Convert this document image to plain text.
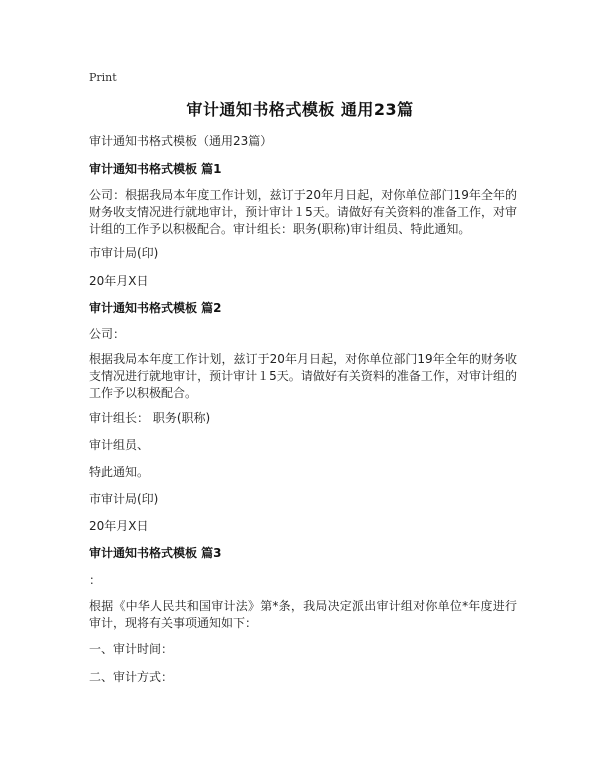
Print
审计通知书格式模板 通用23篇
审计通知书格式模板（通用23篇）
审计通知书格式模板 篇1
公司：根据我局本年度工作计划，兹订于20年月日起，对你单位部门19年全年的财务收支情况进行就地审计，预计审计１5天。请做好有关资料的准备工作，对审计组的工作予以积极配合。审计组长：职务(职称)审计组员、特此通知。
市审计局(印)
20年月X日
审计通知书格式模板 篇2
公司：
根据我局本年度工作计划，兹订于20年月日起，对你单位部门19年全年的财务收支情况进行就地审计，预计审计１5天。请做好有关资料的准备工作，对审计组的工作予以积极配合。
审计组长： 职务(职称)
审计组员、
特此通知。
市审计局(印)
20年月X日
审计通知书格式模板 篇3
：
根据《中华人民共和国审计法》第*条，我局决定派出审计组对你单位*年度进行审计，现将有关事项通知如下：
一、审计时间：
二、审计方式：
